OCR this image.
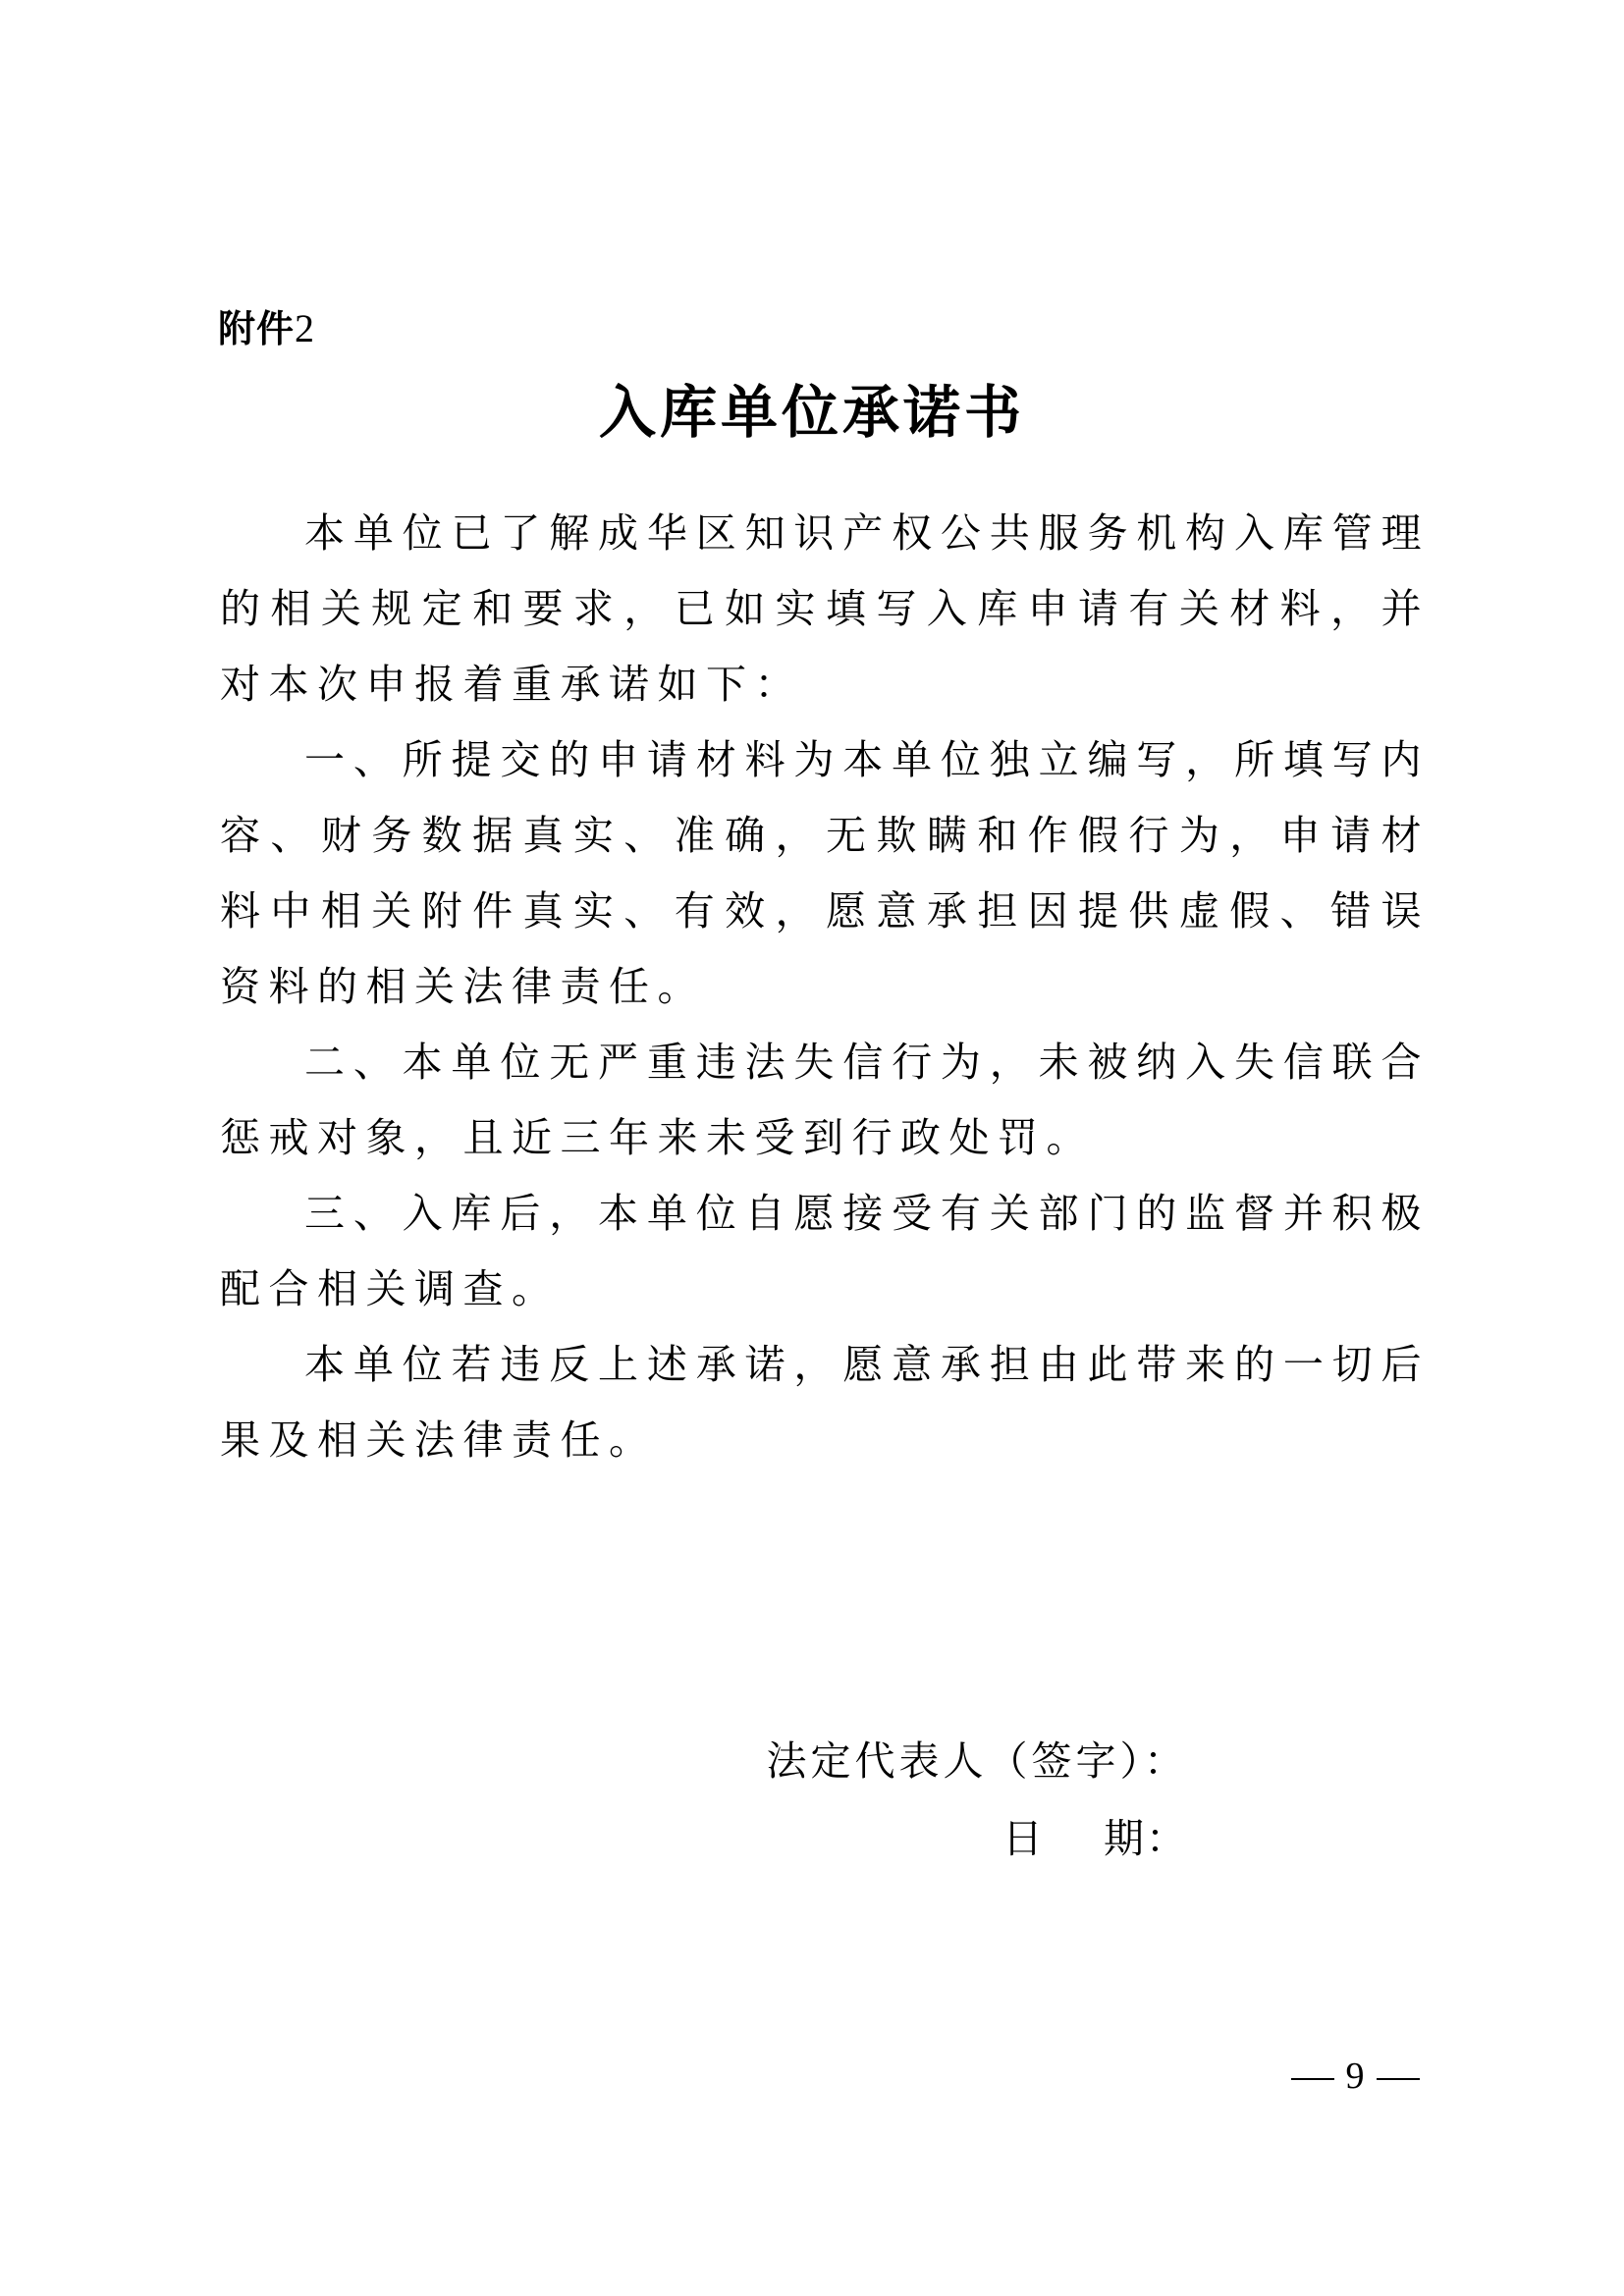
附件2
入库单位承诺书

本单位已了解成华区知识产权公共服务机构入库管理的相关规定和要求，已如实填写入库申请有关材料，并对本次申报着重承诺如下：

一、所提交的申请材料为本单位独立编写，所填写内容、财务数据真实、准确，无欺瞒和作假行为，申请材料中相关附件真实、有效，愿意承担因提供虚假、错误资料的相关法律责任。

二、本单位无严重违法失信行为，未被纳入失信联合惩戒对象，且近三年来未受到行政处罚。

三、入库后，本单位自愿接受有关部门的监督并积极配合相关调查。

本单位若违反上述承诺，愿意承担由此带来的一切后果及相关法律责任。

法定代表人（签字）：
日 期：
9
